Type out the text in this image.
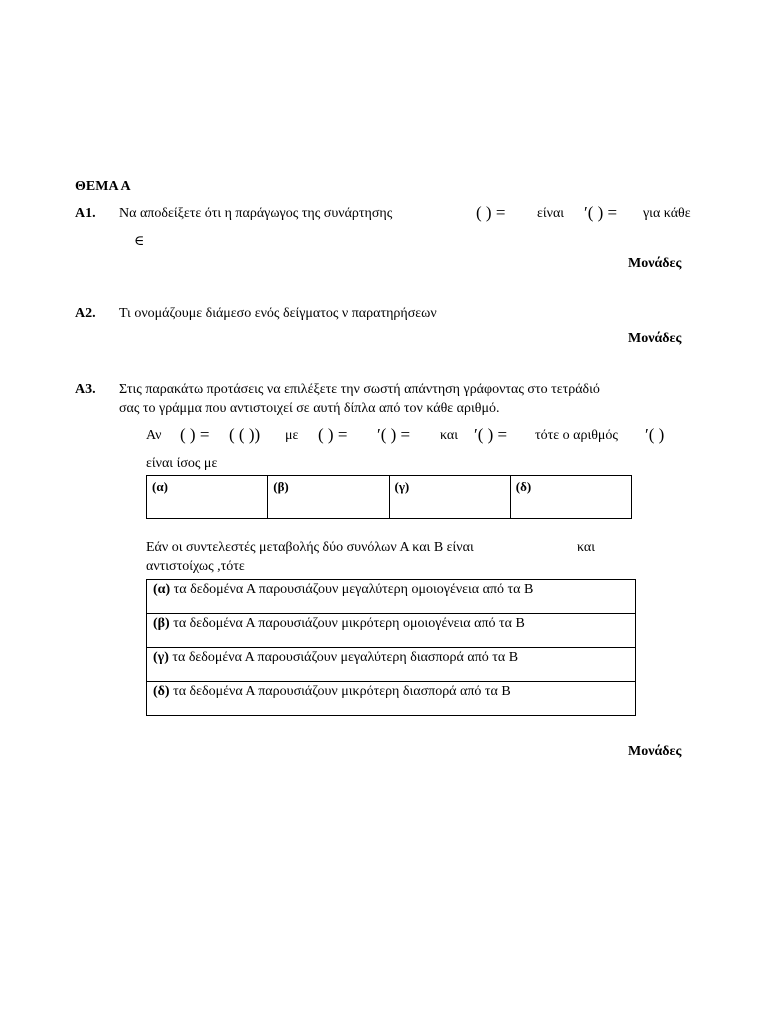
ΘΕΜΑ Α
Α1. Να αποδείξετε ότι η παράγωγος της συνάρτησης	( ) = είναι ′( ) = για κάθε
∈
Μονάδες
Α2. Τι ονομάζουμε διάμεσο ενός δείγματος ν παρατηρήσεων
Μονάδες
Α3. Στις παρακάτω προτάσεις να επιλέξετε την σωστή απάντηση γράφοντας στο τετράδιό
σας το γράμμα που αντιστοιχεί σε αυτή δίπλα από τον κάθε αριθμό.
Αν ( ) = ( ( )) με ( ) = ′( ) = και ′( ) = τότε ο αριθμός ′( )
είναι ίσος με
(α)	(β)	(γ)	(δ)
Εάν οι συντελεστές μεταβολής δύο συνόλων Α και Β είναι	και
αντιστοίχως ,τότε
(α) τα δεδομένα Α παρουσιάζουν μεγαλύτερη ομοιογένεια από τα Β
(β) τα δεδομένα Α παρουσιάζουν μικρότερη ομοιογένεια από τα Β
(γ) τα δεδομένα Α παρουσιάζουν μεγαλύτερη διασπορά από τα Β
(δ) τα δεδομένα Α παρουσιάζουν μικρότερη διασπορά από τα Β
Μονάδες
